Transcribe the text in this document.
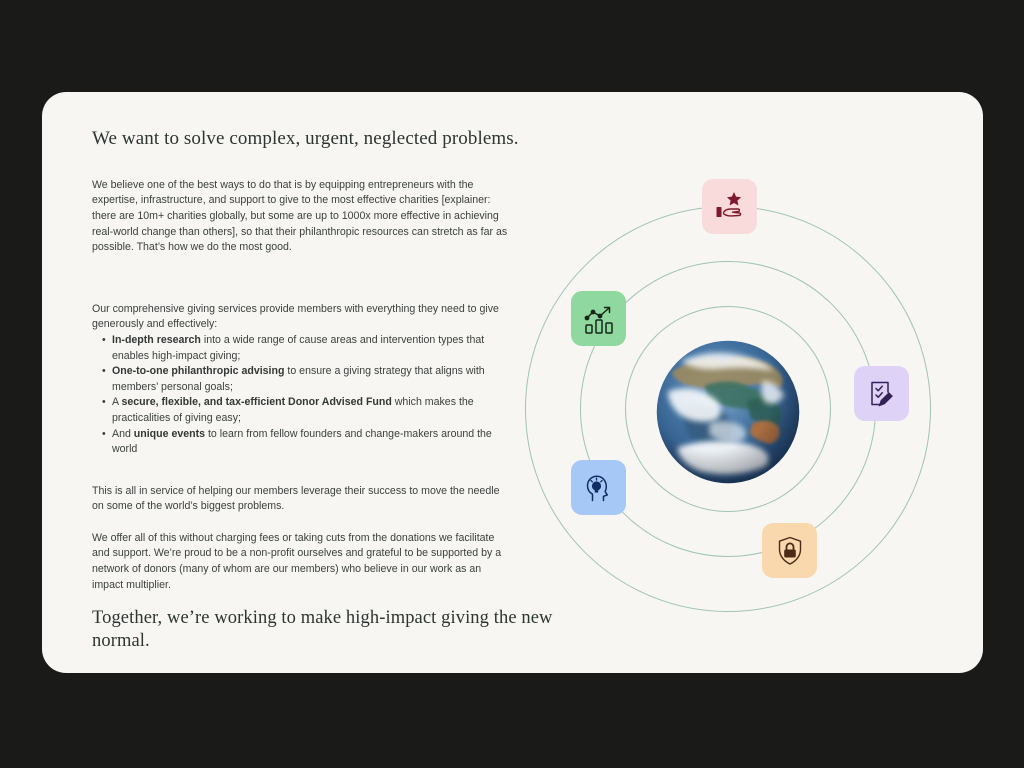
We want to solve complex, urgent, neglected problems.

We believe one of the best ways to do that is by equipping entrepreneurs with the expertise, infrastructure, and support to give to the most effective charities [explainer: there are 10m+ charities globally, but some are up to 1000x more effective in achieving real-world change than others], so that their philanthropic resources can stretch as far as possible. That’s how we do the most good.

Our comprehensive giving services provide members with everything they need to give generously and effectively:

• In-depth research into a wide range of cause areas and intervention types that enables high-impact giving;
• One-to-one philanthropic advising to ensure a giving strategy that aligns with members’ personal goals;
• A secure, flexible, and tax-efficient Donor Advised Fund which makes the practicalities of giving easy;
• And unique events to learn from fellow founders and change-makers around the world

This is all in service of helping our members leverage their success to move the needle on some of the world’s biggest problems.

We offer all of this without charging fees or taking cuts from the donations we facilitate and support. We’re proud to be a non-profit ourselves and grateful to be supported by a network of donors (many of whom are our members) who believe in our work as an impact multiplier.

Together, we’re working to make high-impact giving the new normal.
